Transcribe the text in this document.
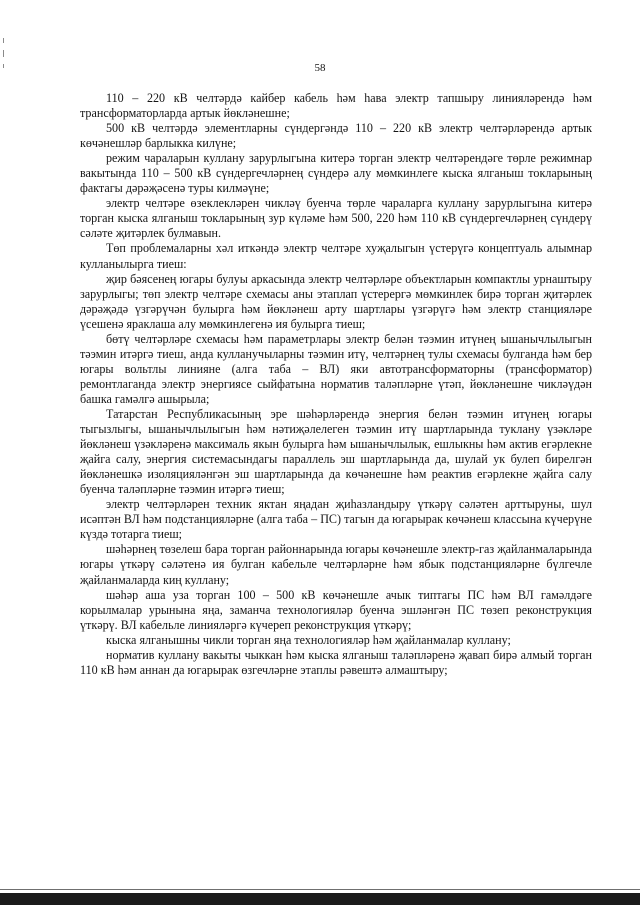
58

110 – 220 кВ челтәрдә кайбер кабель һәм һава электр тапшыру линияләрендә һәм трансформаторларда артык йөкләнешне;

500 кВ челтәрдә элементларны сүндергәндә 110 – 220 кВ электр челтәрләрендә артык көчәнешләр барлыкка килүне;

режим чараларын куллану зарурлыгына китерә торган электр челтәрендәге төрле режимнар вакытында 110 – 500 кВ сүндергечләрнең сүндерә алу мөмкинлеге кыска ялганыш токларының фактагы дәрәҗәсенә туры килмәүне;

электр челтәре өзеклекләрен чикләү буенча төрле чараларга куллану зарурлыгына китерә торган кыска ялганыш токларының зур күләме һәм 500, 220 һәм 110 кВ сүндергечләрнең сүндерү сәләте җитәрлек булмавын.

Төп проблемаларны хәл иткәндә электр челтәре хуҗалыгын үстерүгә концептуаль алымнар кулланылырга тиеш:

җир бәясенең югары булуы аркасында электр челтәрләре объектларын компактлы урнаштыру зарурлыгы; төп электр челтәре схемасы аны этаплап үстерергә мөмкинлек бирә торган җитәрлек дәрәҗәдә үзгәрүчән булырга һәм йөкләнеш арту шартлары үзгәрүгә һәм электр станцияләре үсешенә яраклаша алу мөмкинлегенә ия булырга тиеш;

бөтү челтәрләре схемасы һәм параметрлары электр белән тәэмин итүнең ышанычлылыгын тәэмин итәргә тиеш, анда кулланучыларны тәэмин итү, челтәрнең тулы схемасы булганда һәм бер югары вольтлы линияне (алга таба – ВЛ) яки автотрансформаторны (трансформатор) ремонтлаганда электр энергиясе сыйфатына норматив таләпләрне үтәп, йөкләнешне чикләүдән башка гамәлгә ашырыла;

Татарстан Республикасының эре шәһәрләрендә энергия белән тәэмин итүнең югары тыгызлыгы, ышанычлылыгын һәм нәтиҗәлелеген тәэмин итү шартларында туклану үзәкләре йөкләнеш үзәкләренә максималь якын булырга һәм ышанычлылык, ешлыкны һәм актив егәрлекне җайга салу, энергия системасындагы параллель эш шартларында да, шулай ук булеп бирелгән йөкләнешкә изоляцияләнгән эш шартларында да көчәнешне һәм реактив егәрлекне җайга салу буенча таләпләрне тәэмин итәргә тиеш;

электр челтәрләрен техник яктан яңадан җиһазландыру үткәрү сәләтен арттыруны, шул исәптән ВЛ һәм подстанцияләрне (алга таба – ПС) тагын да югарырак көчәнеш классына күчерүне күздә тотарга тиеш;

шәһәрнең төзелеш бара торган районнарында югары көчәнешле электр-газ җайланмаларында югары үткәрү сәләтенә ия булган кабельле челтәрләрне һәм ябык подстанцияләрне бүлгечле җайланмаларда киң куллану;

шәһәр аша уза торган 100 – 500 кВ көчәнешле ачык типтагы ПС һәм ВЛ гамәлдәге корылмалар урынына яңа, заманча технологияләр буенча эшләнгән ПС төзеп реконструкция үткәрү. ВЛ кабельле линияләргә күчереп реконструкция үткәрү;

кыска ялганышны чикли торган яңа технологияләр һәм җайланмалар куллану;

норматив куллану вакыты чыккан һәм кыска ялганыш таләпләренә җавап бирә алмый торган 110 кВ һәм аннан да югарырак өзгечләрне этаплы рәвештә алмаштыру;
